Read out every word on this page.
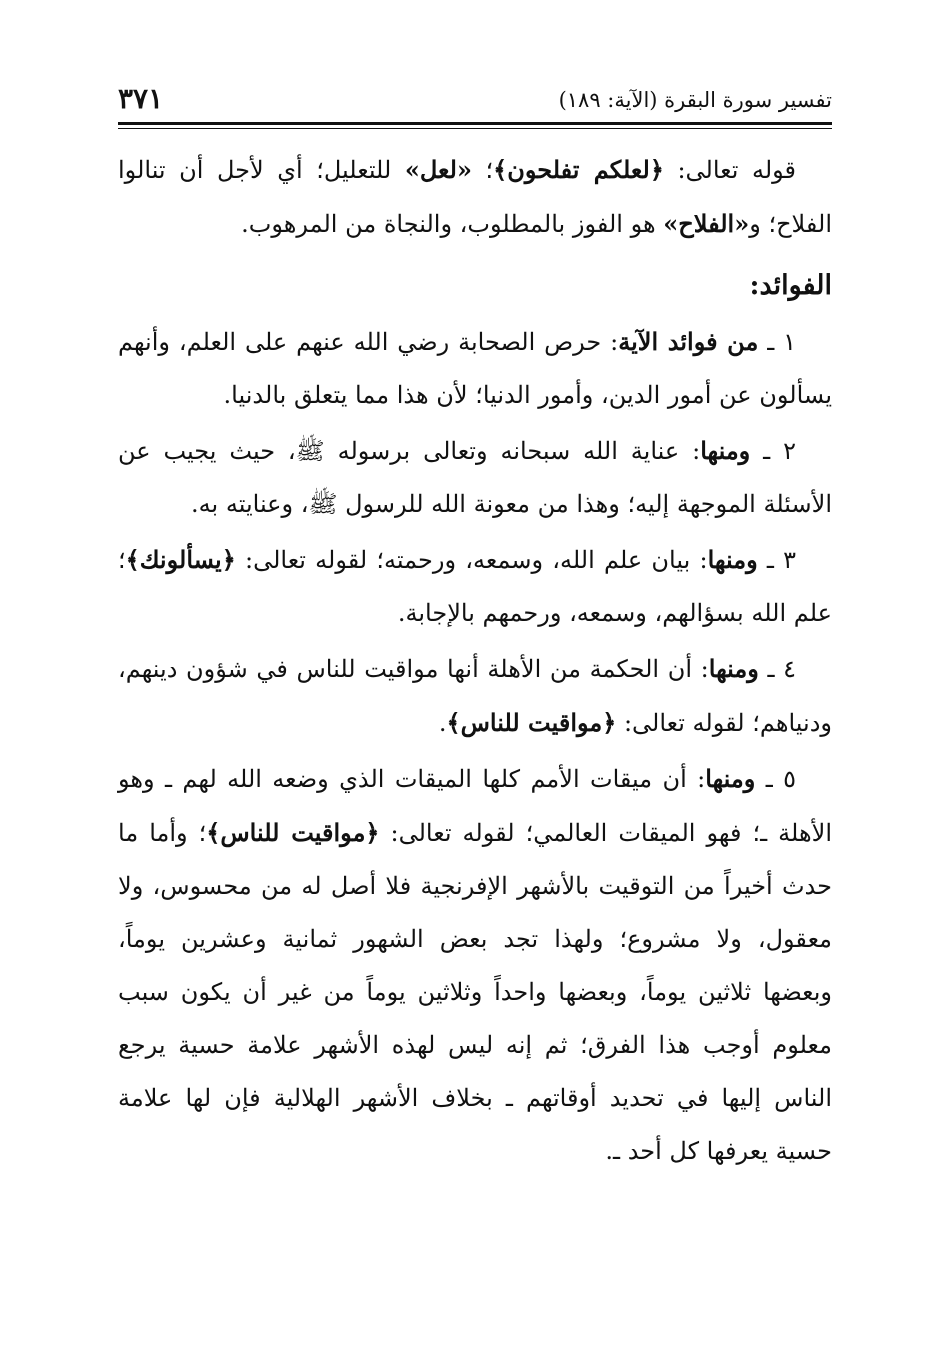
تفسير سورة البقرة (الآية: ١٨٩)
٣٧١

قوله تعالى: ﴿لعلكم تفلحون﴾؛ «لعل» للتعليل؛ أي لأجل أن تنالوا الفلاح؛ و«الفلاح» هو الفوز بالمطلوب، والنجاة من المرهوب.

الفوائد:

١ ـ من فوائد الآية: حرص الصحابة رضي الله عنهم على العلم، وأنهم يسألون عن أمور الدين، وأمور الدنيا؛ لأن هذا مما يتعلق بالدنيا.

٢ ـ ومنها: عناية الله سبحانه وتعالى برسوله ﷺ، حيث يجيب عن الأسئلة الموجهة إليه؛ وهذا من معونة الله للرسول ﷺ، وعنايته به.

٣ ـ ومنها: بيان علم الله، وسمعه، ورحمته؛ لقوله تعالى: ﴿يسألونك﴾؛ علم الله بسؤالهم، وسمعه، ورحمهم بالإجابة.

٤ ـ ومنها: أن الحكمة من الأهلة أنها مواقيت للناس في شؤون دينهم، ودنياهم؛ لقوله تعالى: ﴿مواقيت للناس﴾.

٥ ـ ومنها: أن ميقات الأمم كلها الميقات الذي وضعه الله لهم ـ وهو الأهلة ـ؛ فهو الميقات العالمي؛ لقوله تعالى: ﴿مواقيت للناس﴾؛ وأما ما حدث أخيراً من التوقيت بالأشهر الإفرنجية فلا أصل له من محسوس، ولا معقول، ولا مشروع؛ ولهذا تجد بعض الشهور ثمانية وعشرين يوماً، وبعضها ثلاثين يوماً، وبعضها واحداً وثلاثين يوماً من غير أن يكون سبب معلوم أوجب هذا الفرق؛ ثم إنه ليس لهذه الأشهر علامة حسية يرجع الناس إليها في تحديد أوقاتهم ـ بخلاف الأشهر الهلالية فإن لها علامة حسية يعرفها كل أحد ـ.
